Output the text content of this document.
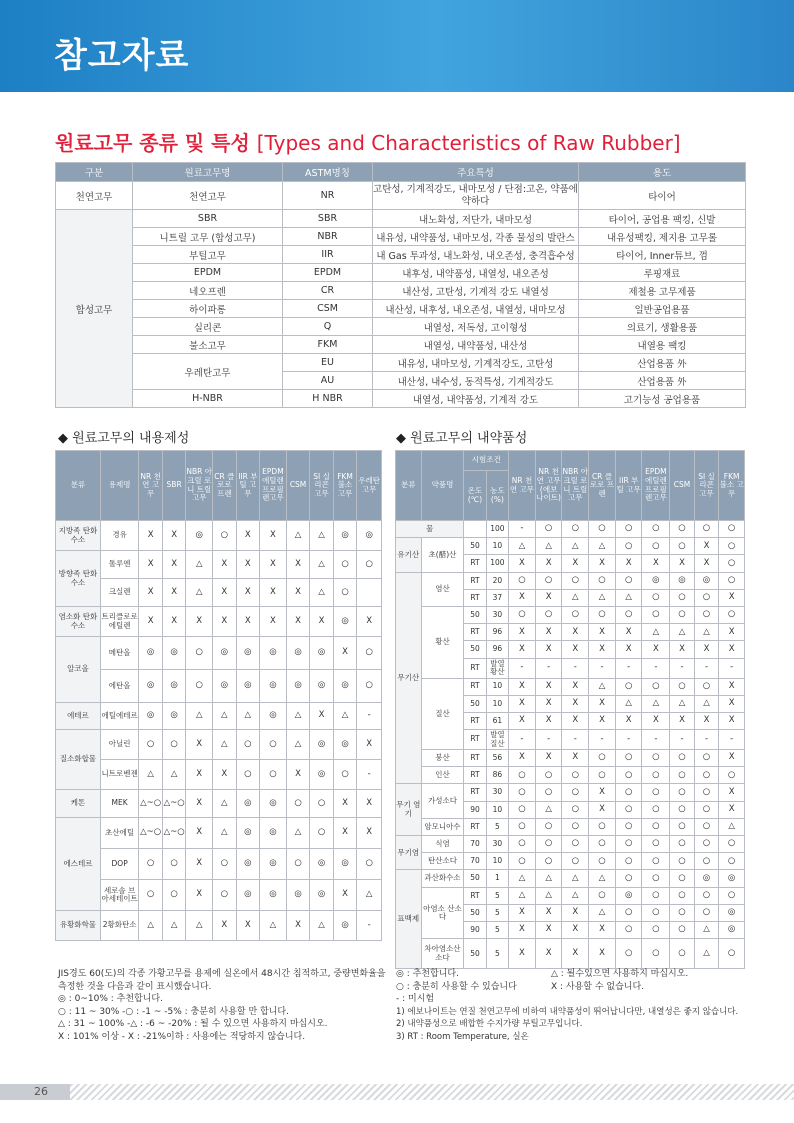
참고자료
원료고무 종류 및 특성 [Types and Characteristics of Raw Rubber]
구분	원료고무명	ASTM명칭	주요특성	용도
천연고무	천연고무	NR	고탄성, 기계적강도, 내마모성 / 단점:고온, 약품에 약하다	타이어
합성고무	SBR	SBR	내노화성, 저단가, 내마모성	타이어, 공업용 팩킹, 신발
	니트릴 고무 (합성고무)	NBR	내유성, 내약품성, 내마모성, 각종 물성의 발란스	내유성팩킹, 제지용 고무롤
	부틸고무	IIR	내 Gas 투과성, 내노화성, 내오존성, 충격흡수성	타이어, Inner튜브, 껌
	EPDM	EPDM	내후성, 내약품성, 내열성, 내오존성	루핑재료
	네오프렌	CR	내산성, 고탄성, 기계적 강도 내열성	제철용 고무제품
	하이파롱	CSM	내산성, 내후성, 내오존성, 내열성, 내마모성	일반공업용품
	실리콘	Q	내열성, 저독성, 고이형성	의료기, 생활용품
	불소고무	FKM	내열성, 내약품성, 내산성	내열용 팩킹
	우레탄고무	EU	내유성, 내마모성, 기계적강도, 고탄성	산업용품 外
		AU	내산성, 내수성, 동적특성, 기계적강도	산업용품 外
	H-NBR	H NBR	내열성, 내약품성, 기계적 강도	고기능성 공업용품
◆ 원료고무의 내용제성	◆ 원료고무의 내약품성
분류	용제명	NR 천연 고무	SBR	NBR 아크릴 로니 트릴 고무	CR 클로로 프렌	IIR 부틸 고무	EPDM 에틸렌 프로필 렌고무	CSM	SI 실리콘 고무	FKM 불소 고무	우레탄 고무
지방족 탄화수소	경유	X	X	◎	○	X	X	△	△	◎	◎
방향족 탄화수소	톨루엔	X	X	△	X	X	X	X	△	○	○
	크실렌	X	X	△	X	X	X	X	△	○	
염소화 탄화수소	트리클로로 에틸렌	X	X	X	X	X	X	X	X	◎	X
알코올	메탄올	◎	◎	○	◎	◎	◎	◎	◎	X	○
	에탄올	◎	◎	○	◎	◎	◎	◎	◎	◎	○
에테르	에틸에테르	◎	◎	△	△	△	◎	△	X	△	-
질소화합물	아닐린	○	○	X	△	○	○	△	◎	◎	X
	니트로벤젠	△	△	X	X	○	○	X	◎	○	-
케톤	MEK	△~○	△~○	X	△	◎	◎	○	○	X	X
에스테르	초산에틸	△~○	△~○	X	△	◎	◎	△	○	X	X
	DOP	○	○	X	○	◎	◎	○	◎	◎	○
	세로솔 브아세테이트	○	○	X	○	◎	◎	◎	◎	X	△
유황화학물	2황화탄소	△	△	△	X	X	△	X	△	◎	-
분류	약품명	시험조건		NR 천연 고무	NR 천연 고무 (에보 나이트)	NBR 아크릴 로니 트릴 고무	CR 클로로 프렌	IIR 부틸 고무	EPDM 에틸렌 프로필 렌고무	CSM	SI 실리콘 고무	FKM 불소 고무
		온도 (℃)	농도 (%)									
물			100	-	○	○	○	○	○	○	○	○
유기산	초(醋)산	50	10	△	△	△	△	○	○	○	X	○
		RT	100	X	X	X	X	X	X	X	X	○
무기산	염산	RT	20	○	○	○	○	○	◎	◎	◎	○
		RT	37	X	X	△	△	△	○	○	○	X
	황산	50	30	○	○	○	○	○	○	○	○	○
		RT	96	X	X	X	X	X	△	△	△	X
		50	96	X	X	X	X	X	X	X	X	X
		RT	발열 황산	-	-	-	-	-	-	-	-	-
	질산	RT	10	X	X	X	△	○	○	○	○	X
		50	10	X	X	X	X	△	△	△	△	X
		RT	61	X	X	X	X	X	X	X	X	X
		RT	발열 질산	-	-	-	-	-	-	-	-	-
	붕산	RT	56	X	X	X	○	○	○	○	○	X
	인산	RT	86	○	○	○	○	○	○	○	○	○
무기 염기	가성소다	RT	30	○	○	○	X	○	○	○	○	X
		90	10	○	△	○	X	○	○	○	○	X
	암모니아수	RT	5	○	○	○	○	○	○	○	○	△
무기염	식염	70	30	○	○	○	○	○	○	○	○	○
	탄산소다	70	10	○	○	○	○	○	○	○	○	○
표백제	과산화수소	50	1	△	△	△	△	○	○	○	◎	◎
	아염소 산소다	RT	5	△	△	△	○	◎	○	○	○	○
		50	5	X	X	X	△	○	○	○	○	◎
		90	5	X	X	X	X	○	○	○	△	◎
	차아염소산 소다	50	5	X	X	X	X	○	○	○	△	○
JIS경도 60(도)의 각종 가황고무를 용제에 실온에서 48시간 침적하고, 중량변화율을
측정한 것을 다음과 같이 표시했습니다.
◎ : 0~10% : 추천합니다.
○ : 11 ~ 30% -○ : -1 ~ -5% : 충분히 사용할 만 합니다.
△ : 31 ~ 100% -△ : -6 ~ -20% : 될 수 있으면 사용하지 마십시오.
X : 101% 이상 - X : -21%이하 : 사용에는 적당하지 않습니다.
◎ : 추천합니다.	△ : 될수있으면 사용하지 마십시오.
○ : 충분히 사용할 수 있습니다	X : 사용할 수 없습니다.
- : 미시험
1) 에보나이트는 연질 천연고무에 비하여 내약품성이 뛰어납니다만, 내열성은 좋지 않습니다.
2) 내약품성으로 배합한 수지가량 부틸고무입니다.
3) RT : Room Temperature, 실온
26
